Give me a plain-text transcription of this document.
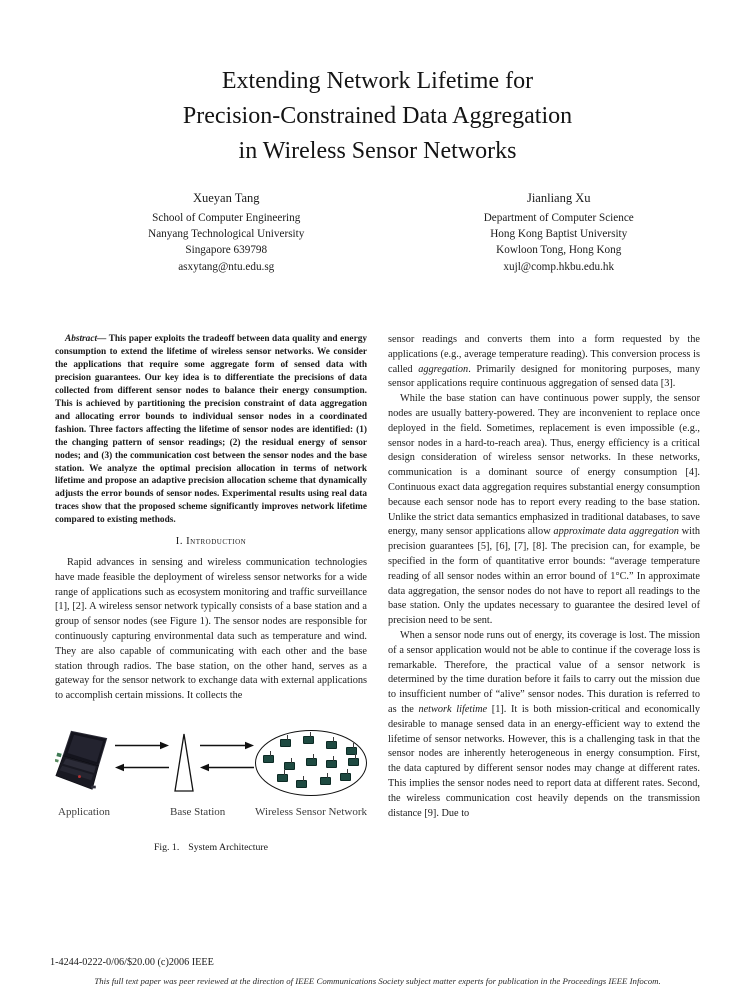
Extending Network Lifetime for
Precision-Constrained Data Aggregation
in Wireless Sensor Networks
Xueyan Tang
School of Computer Engineering
Nanyang Technological University
Singapore 639798
asxytang@ntu.edu.sg
Jianliang Xu
Department of Computer Science
Hong Kong Baptist University
Kowloon Tong, Hong Kong
xujl@comp.hkbu.edu.hk

Abstract— This paper exploits the tradeoff between data quality and energy consumption to extend the lifetime of wireless sensor networks. We consider the applications that require some aggregate form of sensed data with precision guarantees. Our key idea is to differentiate the precisions of data collected from different sensor nodes to balance their energy consumption. This is achieved by partitioning the precision constraint of data aggregation and allocating error bounds to individual sensor nodes in a coordinated fashion. Three factors affecting the lifetime of sensor nodes are identified: (1) the changing pattern of sensor readings; (2) the residual energy of sensor nodes; and (3) the communication cost between the sensor nodes and the base station. We analyze the optimal precision allocation in terms of network lifetime and propose an adaptive precision allocation scheme that dynamically adjusts the error bounds of sensor nodes. Experimental results using real data traces show that the proposed scheme significantly improves network lifetime compared to existing methods.

I. Introduction

Rapid advances in sensing and wireless communication technologies have made feasible the deployment of wireless sensor networks for a wide range of applications such as ecosystem monitoring and traffic surveillance [1], [2]. A wireless sensor network typically consists of a base station and a group of sensor nodes (see Figure 1). The sensor nodes are responsible for continuously capturing environmental data such as temperature and wind. They are also capable of communicating with each other and the base station through radios. The base station, on the other hand, serves as a gateway for the sensor network to exchange data with external applications to accomplish certain missions. It collects the

Application	Base Station	Wireless Sensor Network
Fig. 1. System Architecture

sensor readings and converts them into a form requested by the applications (e.g., average temperature reading). This conversion process is called aggregation. Primarily designed for monitoring purposes, many sensor applications require continuous aggregation of sensed data [3].

While the base station can have continuous power supply, the sensor nodes are usually battery-powered. They are inconvenient to replace once deployed in the field. Sometimes, replacement is even impossible (e.g., sensor nodes in a hard-to-reach area). Thus, energy efficiency is a critical design consideration of wireless sensor networks. In these networks, communication is a dominant source of energy consumption [4]. Continuous exact data aggregation requires substantial energy consumption because each sensor node has to report every reading to the base station. Unlike the strict data semantics emphasized in traditional databases, to save energy, many sensor applications allow approximate data aggregation with precision guarantees [5], [6], [7], [8]. The precision can, for example, be specified in the form of quantitative error bounds: “average temperature reading of all sensor nodes within an error bound of 1°C.” In approximate data aggregation, the sensor nodes do not have to report all readings to the base station. Only the updates necessary to guarantee the desired level of precision need to be sent.

When a sensor node runs out of energy, its coverage is lost. The mission of a sensor application would not be able to continue if the coverage loss is remarkable. Therefore, the practical value of a sensor network is determined by the time duration before it fails to carry out the mission due to insufficient number of “alive” sensor nodes. This duration is referred to as the network lifetime [1]. It is both mission-critical and economically desirable to manage sensed data in an energy-efficient way to extend the lifetime of sensor networks. However, this is a challenging task in that the sensor nodes are inherently heterogeneous in energy consumption. First, the data captured by different sensor nodes may change at different rates. This implies the sensor nodes need to report data at different rates. Second, the wireless communication cost heavily depends on the transmission distance [9]. Due to

1-4244-0222-0/06/$20.00 (c)2006 IEEE
This full text paper was peer reviewed at the direction of IEEE Communications Society subject matter experts for publication in the Proceedings IEEE Infocom.
